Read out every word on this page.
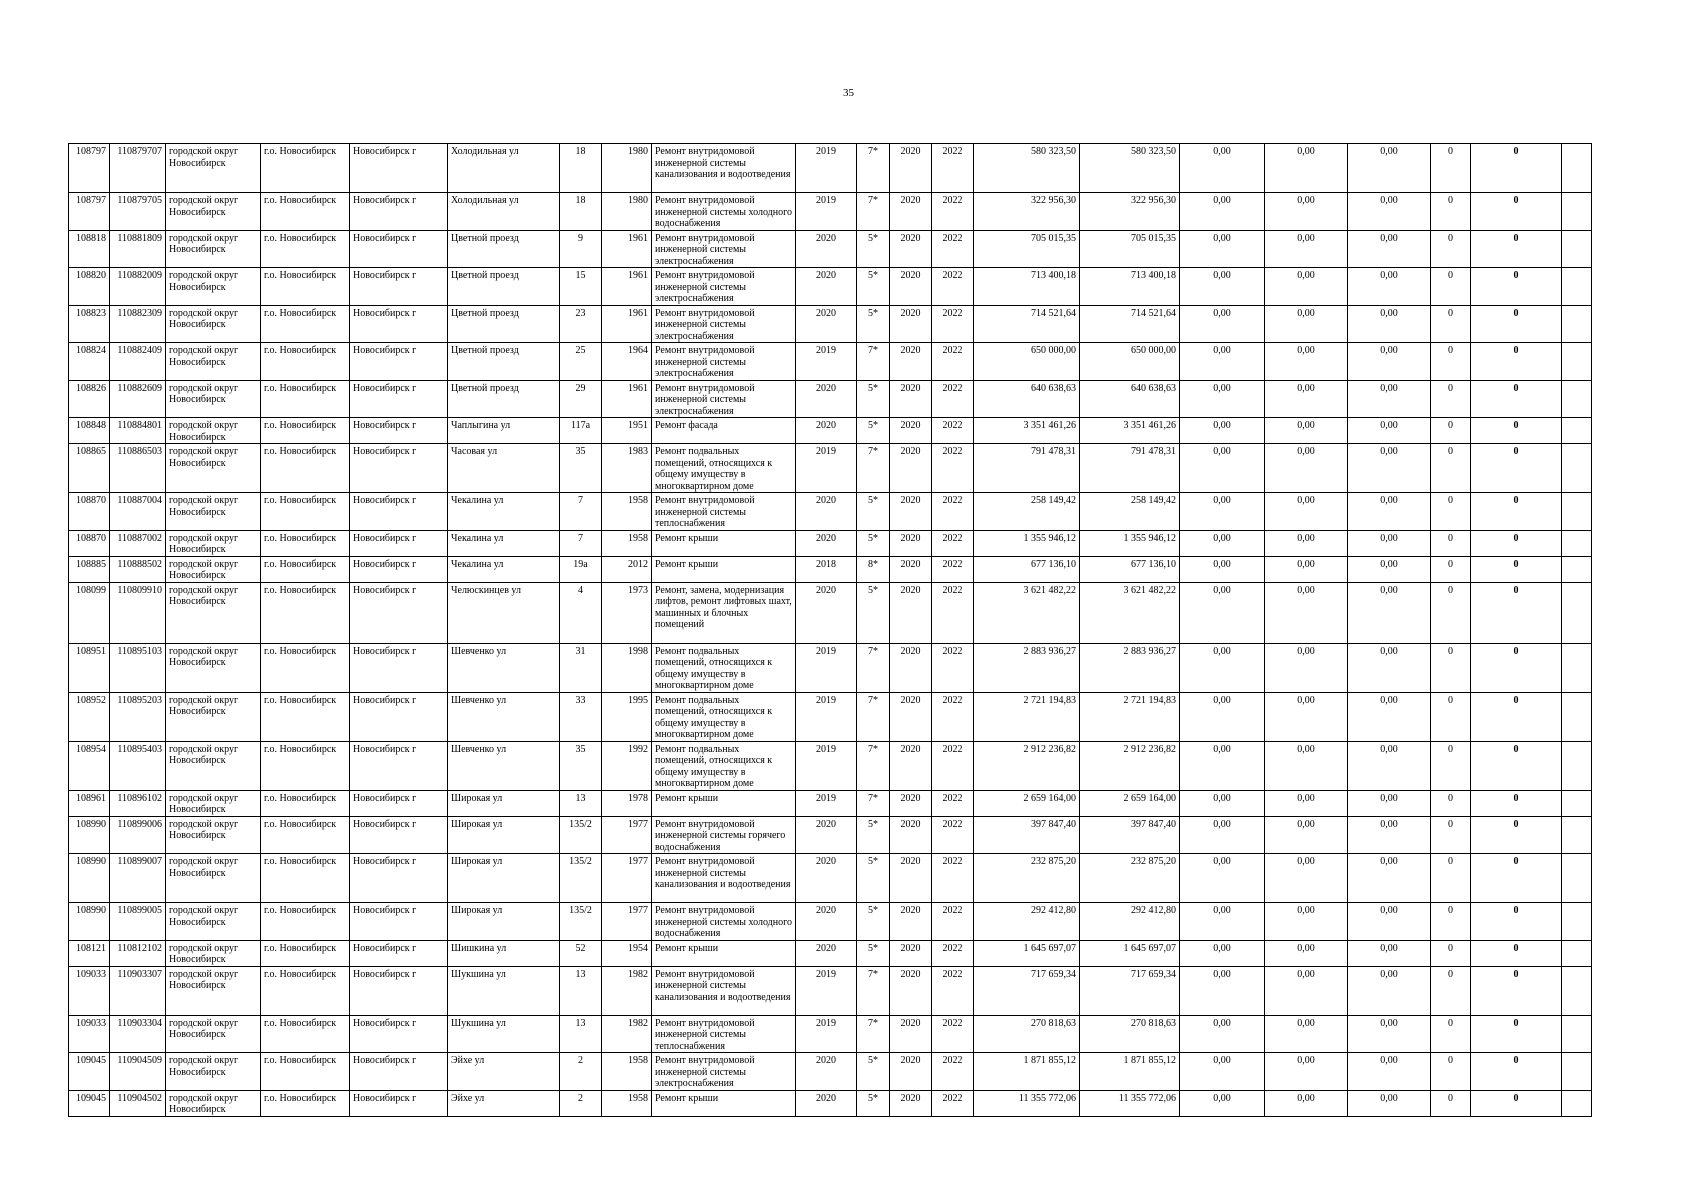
35
108797	110879707	городской округ Новосибирск	г.о. Новосибирск	Новосибирск г	Холодильная ул	18	1980	Ремонт внутридомовой инженерной системы канализования и водоотведения	2019	7*	2020	2022	580 323,50	580 323,50	0,00	0,00	0,00	0	0	
108797	110879705	городской округ Новосибирск	г.о. Новосибирск	Новосибирск г	Холодильная ул	18	1980	Ремонт внутридомовой инженерной системы холодного водоснабжения	2019	7*	2020	2022	322 956,30	322 956,30	0,00	0,00	0,00	0	0	
108818	110881809	городской округ Новосибирск	г.о. Новосибирск	Новосибирск г	Цветной проезд	9	1961	Ремонт внутридомовой инженерной системы электроснабжения	2020	5*	2020	2022	705 015,35	705 015,35	0,00	0,00	0,00	0	0	
108820	110882009	городской округ Новосибирск	г.о. Новосибирск	Новосибирск г	Цветной проезд	15	1961	Ремонт внутридомовой инженерной системы электроснабжения	2020	5*	2020	2022	713 400,18	713 400,18	0,00	0,00	0,00	0	0	
108823	110882309	городской округ Новосибирск	г.о. Новосибирск	Новосибирск г	Цветной проезд	23	1961	Ремонт внутридомовой инженерной системы электроснабжения	2020	5*	2020	2022	714 521,64	714 521,64	0,00	0,00	0,00	0	0	
108824	110882409	городской округ Новосибирск	г.о. Новосибирск	Новосибирск г	Цветной проезд	25	1964	Ремонт внутридомовой инженерной системы электроснабжения	2019	7*	2020	2022	650 000,00	650 000,00	0,00	0,00	0,00	0	0	
108826	110882609	городской округ Новосибирск	г.о. Новосибирск	Новосибирск г	Цветной проезд	29	1961	Ремонт внутридомовой инженерной системы электроснабжения	2020	5*	2020	2022	640 638,63	640 638,63	0,00	0,00	0,00	0	0	
108848	110884801	городской округ Новосибирск	г.о. Новосибирск	Новосибирск г	Чаплыгина ул	117а	1951	Ремонт фасада	2020	5*	2020	2022	3 351 461,26	3 351 461,26	0,00	0,00	0,00	0	0	
108865	110886503	городской округ Новосибирск	г.о. Новосибирск	Новосибирск г	Часовая ул	35	1983	Ремонт подвальных помещений, относящихся к общему имуществу в многоквартирном доме	2019	7*	2020	2022	791 478,31	791 478,31	0,00	0,00	0,00	0	0	
108870	110887004	городской округ Новосибирск	г.о. Новосибирск	Новосибирск г	Чекалина ул	7	1958	Ремонт внутридомовой инженерной системы теплоснабжения	2020	5*	2020	2022	258 149,42	258 149,42	0,00	0,00	0,00	0	0	
108870	110887002	городской округ Новосибирск	г.о. Новосибирск	Новосибирск г	Чекалина ул	7	1958	Ремонт крыши	2020	5*	2020	2022	1 355 946,12	1 355 946,12	0,00	0,00	0,00	0	0	
108885	110888502	городской округ Новосибирск	г.о. Новосибирск	Новосибирск г	Чекалина ул	19а	2012	Ремонт крыши	2018	8*	2020	2022	677 136,10	677 136,10	0,00	0,00	0,00	0	0	
108099	110809910	городской округ Новосибирск	г.о. Новосибирск	Новосибирск г	Челюскинцев ул	4	1973	Ремонт, замена, модернизация лифтов, ремонт лифтовых шахт, машинных и блочных помещений	2020	5*	2020	2022	3 621 482,22	3 621 482,22	0,00	0,00	0,00	0	0	
108951	110895103	городской округ Новосибирск	г.о. Новосибирск	Новосибирск г	Шевченко ул	31	1998	Ремонт подвальных помещений, относящихся к общему имуществу в многоквартирном доме	2019	7*	2020	2022	2 883 936,27	2 883 936,27	0,00	0,00	0,00	0	0	
108952	110895203	городской округ Новосибирск	г.о. Новосибирск	Новосибирск г	Шевченко ул	33	1995	Ремонт подвальных помещений, относящихся к общему имуществу в многоквартирном доме	2019	7*	2020	2022	2 721 194,83	2 721 194,83	0,00	0,00	0,00	0	0	
108954	110895403	городской округ Новосибирск	г.о. Новосибирск	Новосибирск г	Шевченко ул	35	1992	Ремонт подвальных помещений, относящихся к общему имуществу в многоквартирном доме	2019	7*	2020	2022	2 912 236,82	2 912 236,82	0,00	0,00	0,00	0	0	
108961	110896102	городской округ Новосибирск	г.о. Новосибирск	Новосибирск г	Широкая ул	13	1978	Ремонт крыши	2019	7*	2020	2022	2 659 164,00	2 659 164,00	0,00	0,00	0,00	0	0	
108990	110899006	городской округ Новосибирск	г.о. Новосибирск	Новосибирск г	Широкая ул	135/2	1977	Ремонт внутридомовой инженерной системы горячего водоснабжения	2020	5*	2020	2022	397 847,40	397 847,40	0,00	0,00	0,00	0	0	
108990	110899007	городской округ Новосибирск	г.о. Новосибирск	Новосибирск г	Широкая ул	135/2	1977	Ремонт внутридомовой инженерной системы канализования и водоотведения	2020	5*	2020	2022	232 875,20	232 875,20	0,00	0,00	0,00	0	0	
108990	110899005	городской округ Новосибирск	г.о. Новосибирск	Новосибирск г	Широкая ул	135/2	1977	Ремонт внутридомовой инженерной системы холодного водоснабжения	2020	5*	2020	2022	292 412,80	292 412,80	0,00	0,00	0,00	0	0	
108121	110812102	городской округ Новосибирск	г.о. Новосибирск	Новосибирск г	Шишкина ул	52	1954	Ремонт крыши	2020	5*	2020	2022	1 645 697,07	1 645 697,07	0,00	0,00	0,00	0	0	
109033	110903307	городской округ Новосибирск	г.о. Новосибирск	Новосибирск г	Шукшина ул	13	1982	Ремонт внутридомовой инженерной системы канализования и водоотведения	2019	7*	2020	2022	717 659,34	717 659,34	0,00	0,00	0,00	0	0	
109033	110903304	городской округ Новосибирск	г.о. Новосибирск	Новосибирск г	Шукшина ул	13	1982	Ремонт внутридомовой инженерной системы теплоснабжения	2019	7*	2020	2022	270 818,63	270 818,63	0,00	0,00	0,00	0	0	
109045	110904509	городской округ Новосибирск	г.о. Новосибирск	Новосибирск г	Эйхе ул	2	1958	Ремонт внутридомовой инженерной системы электроснабжения	2020	5*	2020	2022	1 871 855,12	1 871 855,12	0,00	0,00	0,00	0	0	
109045	110904502	городской округ Новосибирск	г.о. Новосибирск	Новосибирск г	Эйхе ул	2	1958	Ремонт крыши	2020	5*	2020	2022	11 355 772,06	11 355 772,06	0,00	0,00	0,00	0	0	
